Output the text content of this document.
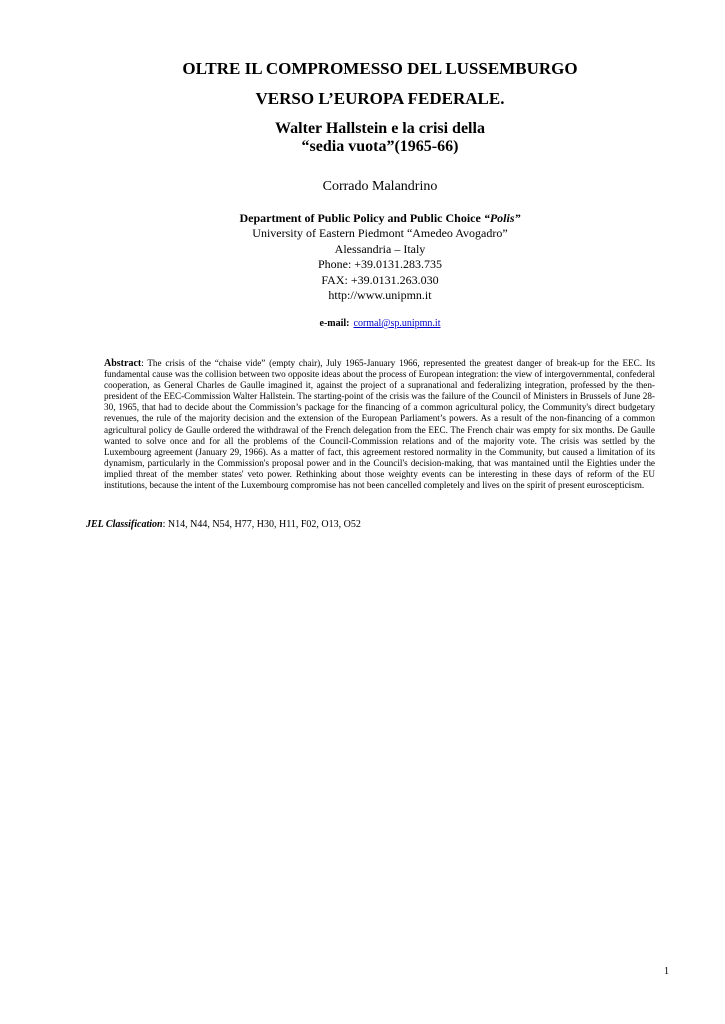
OLTRE IL COMPROMESSO DEL LUSSEMBURGO
VERSO L’EUROPA FEDERALE.
Walter Hallstein e la crisi della
“sedia vuota”(1965-66)
Corrado Malandrino
Department of Public Policy and Public Choice “Polis”
University of Eastern Piedmont “Amedeo Avogadro”
Alessandria – Italy
Phone: +39.0131.283.735
FAX: +39.0131.263.030
http://www.unipmn.it
e-mail: cormal@sp.unipmn.it
Abstract: The crisis of the “chaise vide” (empty chair), July 1965-January 1966, represented the greatest danger of break-up for the EEC. Its fundamental cause was the collision between two opposite ideas about the process of European integration: the view of intergovernmental, confederal cooperation, as General Charles de Gaulle imagined it, against the project of a supranational and federalizing integration, professed by the then-president of the EEC-Commission Walter Hallstein. The starting-point of the crisis was the failure of the Council of Ministers in Brussels of June 28-30, 1965, that had to decide about the Commission’s package for the financing of a common agricultural policy, the Community's direct budgetary revenues, the rule of the majority decision and the extension of the European Parliament’s powers. As a result of the non-financing of a common agricultural policy de Gaulle ordered the withdrawal of the French delegation from the EEC. The French chair was empty for six months. De Gaulle wanted to solve once and for all the problems of the Council-Commission relations and of the majority vote. The crisis was settled by the Luxembourg agreement (January 29, 1966). As a matter of fact, this agreement restored normality in the Community, but caused a limitation of its dynamism, particularly in the Commission's proposal power and in the Council's decision-making, that was mantained until the Eighties under the implied threat of the member states' veto power. Rethinking about those weighty events can be interesting in these days of reform of the EU institutions, because the intent of the Luxembourg compromise has not been cancelled completely and lives on the spirit of present euroscepticism.
JEL Classification: N14, N44, N54, H77, H30, H11, F02, O13, O52
1
